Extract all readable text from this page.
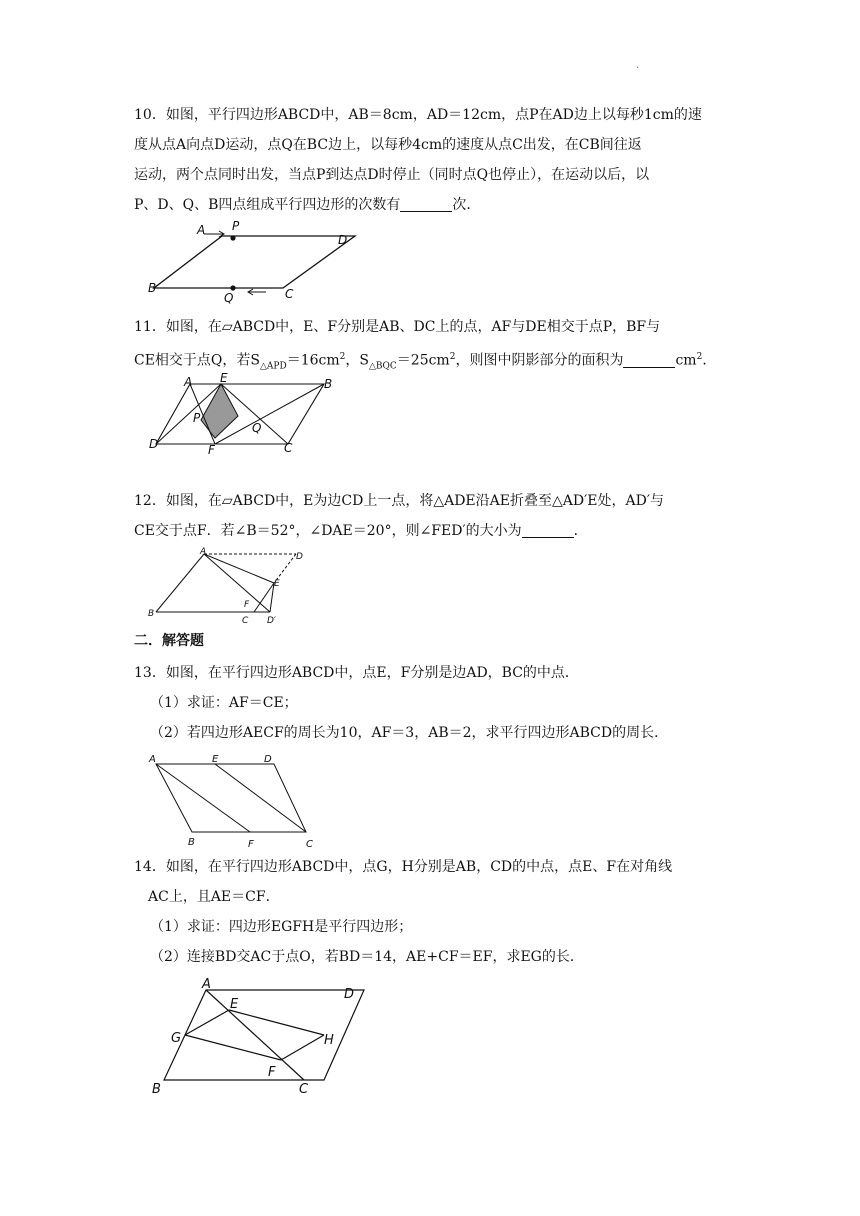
.
10．如图，平行四边形ABCD中，AB＝8cm，AD＝12cm，点P在AD边上以每秒1cm的速
度从点A向点D运动，点Q在BC边上，以每秒4cm的速度从点C出发，在CB间往返
运动，两个点同时出发，当点P到达点D时停止（同时点Q也停止），在运动以后，以
P、D、Q、B四点组成平行四边形的次数有	次．
A P
D
B
Q	C
11．如图，在▱ABCD中，E、F分别是AB、DC上的点，AF与DE相交于点P，BF与
CE相交于点Q，若$S_{\triangle APD}=16cm^2$，$S_{\triangle BQC}=25cm^2$，则图中阴影部分的面积为	$cm^2$．
A E	B
P
Q
D	F	C
12．如图，在▱ABCD中，E为边CD上一点，将△ADE沿AE折叠至△AD′E处，AD′与
CE交于点F．若∠B＝52°，∠DAE＝20°，则∠FED′的大小为	．
A	D
E
B
F
C D′
二．解答题
13．如图，在平行四边形ABCD中，点E，F分别是边AD，BC的中点．
（1）求证：AF＝CE；
（2）若四边形AECF的周长为10，AF＝3，AB＝2，求平行四边形ABCD的周长．
A	E	D
B	F	C
14．如图，在平行四边形ABCD中，点G，H分别是AB，CD的中点，点E、F在对角线
AC上，且AE＝CF．
（1）求证：四边形EGFH是平行四边形；
（2）连接BD交AC于点O，若BD＝14，AE+CF＝EF，求EG的长．
A
E
D
G	H
F
B	C
